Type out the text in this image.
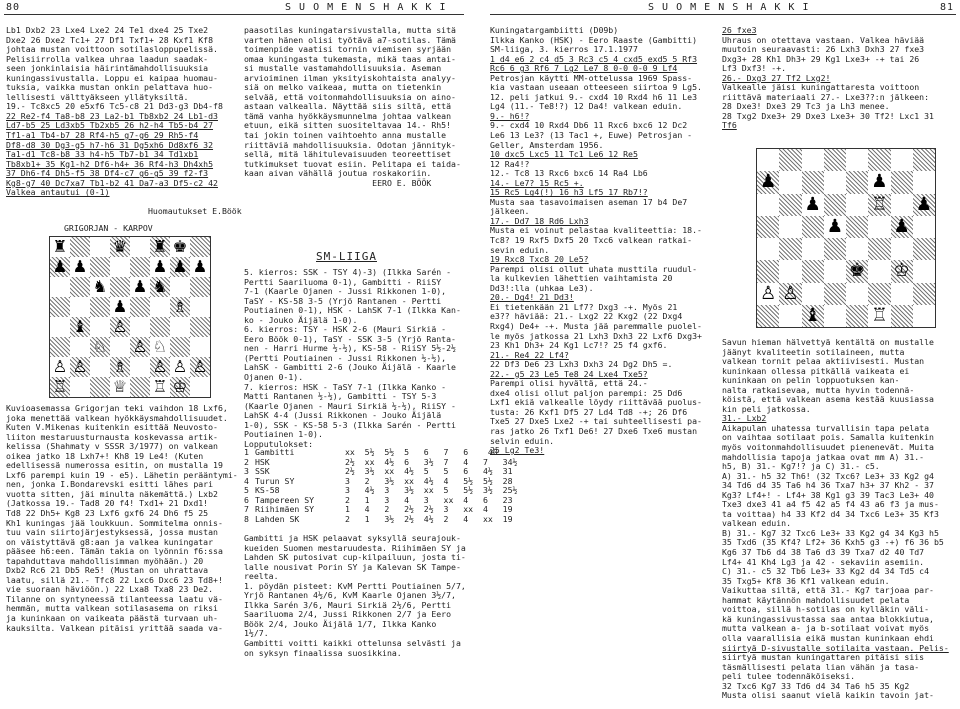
80	S U O M E N S H A K K I	S U O M E N S H A K K I	81
Lb1 Dxb2 23 Lxe4 Lxe2 24 Te1 dxe4 25 Txe2
Dxe2 26 Dxe2 Tc1+ 27 Df1 Txf1+ 28 Kxf1 Kf8
johtaa mustan voittoon sotilasloppupelissä.
Pelisiirrolla valkea uhraa laadun saadak-
seen jonkinlaisia häirintämahdollisuuksia
kuningassivustalla. Loppu ei kaipaa huomau-
tuksia, vaikka mustan onkin pelattava huo-
lellisesti välttyäkseen yllätyksiltä.
19.- Tc8xc5 20 e5xf6 Tc5-c8 21 Dd3-g3 Db4-f8
22 Re2-f4 Ta8-b8 23 La2-b1 Tb8xb2 24 Lb1-d3
Ld7-b5 25 Ld3xb5 Tb2xb5 26 h2-h4 Tb5-b4 27
Tf1-a1 Tb4-b7 28 Rf4-h5 g7-g6 29 Rh5-f4
Df8-d8 30 Dg3-g5 h7-h6 31 Dg5xh6 Dd8xf6 32
Ta1-d1 Tc8-b8 33 h4-h5 Tb7-b1 34 Td1xb1
Tb8xb1+ 35 Kg1-h2 Df6-h4+ 36 Rf4-h3 Dh4xh5
37 Dh6-f4 Dh5-f5 38 Df4-c7 g6-g5 39 f2-f3
Kg8-g7 40 Dc7xa7 Tb1-b2 41 Da7-a3 Df5-c2 42
Valkea antautui (0-1)
Huomautukset E.Böök
GRIGORJAN - KARPOV
♜	♛ ♜ ♚
♟ ♟	♟ ♟ ♟
♞ ♟ ♞
♟	♗
♝ ♙
♘ ♙ ♘
♙ ♙ ♗ ♙ ♙ ♙
♖	♕ ♖ ♔
Kuvioasemassa Grigorjan teki vaihdon 18 Lxf6,
joka menettää valkean hyökkäysmahdollisuudet.
Kuten V.Mikenas kuitenkin esittää Neuvosto-
liiton mestaruusturnausta koskevassa artik-
kelissa (Shahmaty v SSSR 3/1977) on valkean
oikea jatko 18 Lxh7+! Kh8 19 Le4! (Kuten
edellisessä numerossa esitin, on mustalla 19
Lxf6 parempi kuin 19 - e5). Lähetin perääntymi-
nen, jonka I.Bondarevski esitti lähes pari
vuotta sitten, jäi minulta näkemättä.) Lxb2
(Jatkossa 19.- Tad8 20 f4! Txd1+ 21 Dxd1!
Td8 22 Dh5+ Kg8 23 Lxf6 gxf6 24 Dh6 f5 25
Kh1 kuningas jää loukkuun. Sommitelma onnis-
tuu vain siirtojärjestyksessä, jossa mustan
on väistyttävä g8:aan ja valkea kuningatar
pääsee h6:een. Tämän takia on lyönnin f6:ssa
tapahduttava mahdollisimman myöhään.) 20
Dxb2 Rc6 21 Db5 Re5! (Mustan on uhrattava
laatu, sillä 21.- Tfc8 22 Lxc6 Dxc6 23 Td8+!
vie suoraan häviöön.) 22 Lxa8 Txa8 23 De2.
Tilanne on syntyneessä tilanteessa laatu vä-
hemmän, mutta valkean sotilasasema on riksi
ja kuninkaan on vaikeata päästä turvaan uh-
kauksilta. Valkean pitäisi yrittää saada va-
paasotilas kuningatarsivustalla, mutta sitä
varten hänen olisi työtävä a7-sotilas. Tämä
toimenpide vaatisi tornin viemisen syrjään
omaa kuningasta tukemasta, mikä taas antai-
si mustalle vastamahdollisuuksia. Aseman
arvioiminen ilman yksityiskohtaista analyy-
siä on melko vaikeaa, mutta on tietenkin
selvää, että voitonmahdollisuuksia on aino-
astaan valkealla. Näyttää siis siltä, että
tämä vanha hyökkäysmunnelma johtaa valkean
etuun, eikä sitten suositeltavaa 14.- Rh5!
tai jokin toinen vaihtoehto anna mustalle
riittäviä mahdollisuuksia. Odotan jännityk-
sellä, mitä lähitulevaisuuden teoreettiset
tutkimukset tuovat esiin. Pelitapa ei taida-
kaan aivan vähällä joutua roskakoriin.
EERO E. BÖÖK
SM-LIIGA
5. kierros: SSK - TSY 4)-3) (Ilkka Sarén -
Pertti Saariluoma 0-1), Gambitti - RiiSY
7-1 (Kaarle Ojanen - Jussi Rikkonen 1-0),
TaSY - KS-58 3-5 (Yrjö Rantanen - Pertti
Poutiainen 0-1), HSK - LahSK 7-1 (Ilkka Kan-
ko - Jouko Äijälä 1-0).
6. kierros: TSY - HSK 2-6 (Mauri Sirkiä -
Eero Böök 0-1), TaSY - SSK 3-5 (Yrjö Ranta-
nen - Harri Hurme ½-½), KS-58 - RiiSY 5½-2½
(Pertti Poutiainen - Jussi Rikkonen ½-½),
LahSK - Gambitti 2-6 (Jouko Äijälä - Kaarle
Ojanen 0-1).
7. kierros: HSK - TaSY 7-1 (Ilkka Kanko -
Matti Rantanen ½-½), Gambitti - TSY 5-3
(Kaarle Ojanen - Mauri Sirkiä ½-½), RiiSY -
LahSK 4-4 (Jussi Rikkonen - Jouko Äijälä
1-0), SSK - KS-58 5-3 (Ilkka Sarén - Pertti
Poutiainen 1-0).
Lopputulokset:
1 Gambitti	xx  5½  5½  5   6   7   6    40
2 HSK	2½  xx  4½  6   3½  7   4   7   34½
3 SSK	2½  3½  xx  4½  5   5   6   4½  31
4 Turun SY	3   2   3½  xx  4½  4   5½  5½  28
5 KS-58	3   4½  3   3½  xx  5   5½  3½  25½
6 Tampereen SY	2   1   3   4   3   xx  4   6   23
7 Riihimäen SY	1   4   2   2½  2½  3   xx  4   19
8 Lahden SK	2   1   3½  2½  4½  2   4   xx  19
Gambitti ja HSK pelaavat syksyllä seurajouk-
kueiden Suomen mestaruudesta. Riihimäen SY ja
Lahden SK putosivat cup-kilpailuun, josta ti-
lalle nousivat Porin SY ja Kalevan SK Tampe-
reelta.
1. pöydän pisteet: KvM Pertti Poutiainen 5/7,
Yrjö Rantanen 4½/6, KvM Kaarle Ojanen 3½/7,
Ilkka Sarén 3/6, Mauri Sirkiä 2½/6, Pertti
Saariluoma 2/4, Jussi Rikkonen 2/7 ja Eero
Böök 2/4, Jouko Äijälä 1/7, Ilkka Kanko
1½/7.
Gambitti voitti kaikki ottelunsa selvästi ja
on syksyn finaalissa suosikkina.
Kuningatargambiitti (D09b)
Ilkka Kanko (HSK) - Eero Raaste (Gambitti)
SM-liiga, 3. kierros 17.1.1977
1 d4 e6 2 c4 d5 3 Rc3 c5 4 cxd5 exd5 5 Rf3
Rc6 6 g3 Rf6 7 Lg2 Le7 8 0-0 0-0 9 Lf4
Petrosjan käytti MM-ottelussa 1969 Spass-
kia vastaan useaan otteeseen siirtoa 9 Lg5.
12. peli jatkui 9.- cxd4 10 Rxd4 h6 11 Le3
Lg4 (11.- Te8!?) 12 Da4! valkean eduin.
9.- h6!?
9.- cxd4 10 Rxd4 Db6 11 Rxc6 bxc6 12 Dc2
Le6 13 Le3? (13 Tac1 +, Euwe) Petrosjan -
Geller, Amsterdam 1956.
10 dxc5 Lxc5 11 Tc1 Le6 12 Re5
12 Ra4!?
12.- Tc8 13 Rxc6 bxc6 14 Ra4 Lb6
14.- Le7? 15 Rc5 +.
15 Rc5 Lg4(!) 16 h3 Lf5 17 Rb7!?
Musta saa tasavoimaisen aseman 17 b4 De7
jälkeen.
17.- Dd7 18 Rd6 Lxh3
Musta ei voinut pelastaa kvaliteettia: 18.-
Tc8? 19 Rxf5 Dxf5 20 Txc6 valkean ratkai-
sevin eduin.
19 Rxc8 Txc8 20 Le5?
Parempi olisi ollut uhata musttila ruudul-
la kulkevien lähettien vaihtamista 20
Dd3!:lla (uhkaa Le3).
20.- Dg4! 21 Dd3!
Ei tietenkään 21 Lf7? Dxg3 -+. Myös 21
e3?? häviää: 21.- Lxg2 22 Kxg2 (22 Dxg4
Rxg4) De4+ -+. Musta jää paremmalle puolel-
le myös jatkossa 21 Lxh3 Dxh3 22 Lxf6 Dxg3+
23 Kh1 Dh3+ 24 Kg1 Lc7!? 25 f4 gxf6.
21.- Re4 22 Lf4?
22 Df3 De6 23 Lxh3 Dxh3 24 Dg2 Dh5 =.
22.- g5 23 Le5 Te8 24 Lxe4 Txe5?
Parempi olisi hyvältä, että 24.-
dxe4 olisi ollut paljon parempi: 25 Dd6
Lxf1 ekiä valkealle löydy riittävää puolus-
tusta: 26 Kxf1 Df5 27 Ld4 Td8 -+; 26 Df6
Txe5 27 Dxe5 Lxe2 -+ tai suhteellisesti pa-
ras jatko 26 Txf1 De6! 27 Dxe6 Txe6 mustan
selvin eduin.
25 Lg2 Te3!
26 fxe3
Uhraus on otettava vastaan. Valkea häviää
muutoin seuraavasti: 26 Lxh3 Dxh3 27 fxe3
Dxg3+ 28 Kh1 Dh3+ 29 Kg1 Lxe3+ -+ tai 26
Lf3 Dxf3! -+.
26.- Dxg3 27 Tf2 Lxg2!
Valkealle jäisi kuningattaresta voittoon
riittävä materiaali 27.- Lxe3??:n jälkeen:
28 Dxe3! Dxe3 29 Tc3 ja Lh3 menee.
28 Txg2 Dxe3+ 29 Dxe3 Lxe3+ 30 Tf2! Lxc1 31
Tf6
♟	♟
♟	♖ ♟
♟	♟
♔
♙
♙
♝	♖
♚
Savun hieman hälvettyä kentältä on mustalle
jäänyt kvaliteetin sotilaineen, mutta
valkean tornit pelaa aktiivisesti. Mustan
kuninkaan ollessa pitkällä vaikeata ei
kuninkaan on pelin loppuotuksen kan-
nalta ratkaisevaa, mutta hyvin todennä-
köistä, että valkean asema kestää kuusiassa
kin peli jatkossa.
31.- Lxb2
Aikapulan uhatessa turvallisin tapa pelata
on vaihtaa sotilaat pois. Samalla kuitenkin
myös voitonmahdollisuudet pienenevät. Muita
mahdollisia tapoja jatkaa ovat mm A) 31.-
h5, B) 31.- Kg7!? ja C) 31.- c5.
A) 31.- h5 32 Th6! (32 Txc6? Le3+ 33 Kg2 g4
34 Td6 d4 35 Ta6 h4 36 Txa7 h3+ 37 Kh2 - 37
Kg3? Lf4+! - Lf4+ 38 Kg1 g3 39 Tac3 Le3+ 40
Txe3 dxe3 41 a4 f5 42 a5 f4 43 a6 f3 ja mus-
ta voittaa) h4 33 Kf2 d4 34 Txc6 Le3+ 35 Kf3
valkean eduin.
B) 31.- Kg7 32 Txc6 Le3+ 33 Kg2 g4 34 Kg3 h5
35 Txd6 (35 Kf4? Lf2+ 36 Kxh5 g3 -+) f6 36 b5
Kg6 37 Tb6 d4 38 Ta6 d3 39 Txa7 d2 40 Td7
Lf4+ 41 Kh4 Lg3 ja 42 - sekaviin asemiin.
C) 31.- c5 32 Tb6 Le3+ 33 Kg2 d4 34 Td5 c4
35 Txg5+ Kf8 36 Kf1 valkean eduin.
Vaikuttaa siltä, että 31.- Kg7 tarjoaa par-
hammat käytännön mahdollisuudet pelata
voittoa, sillä h-sotilas on kylläkin väli-
kä kuningassivustassa saa antaa blokkiutua,
mutta valkean a- ja b-sotilaat voivat myös
olla vaarallisia eikä mustan kuninkaan ehdi
siirtyä D-sivustalle sotilaita vastaan. Pelis-
siirtyä mustan kuningattaren pitäisi siis
täsmällisesti pelata lian vähän ja tasa-
peli tulee todennäköiseksi.
32 Txc6 Kg7 33 Td6 d4 34 Ta6 h5 35 Kg2
Musta olisi saanut vielä kaikin tavoin jat-
